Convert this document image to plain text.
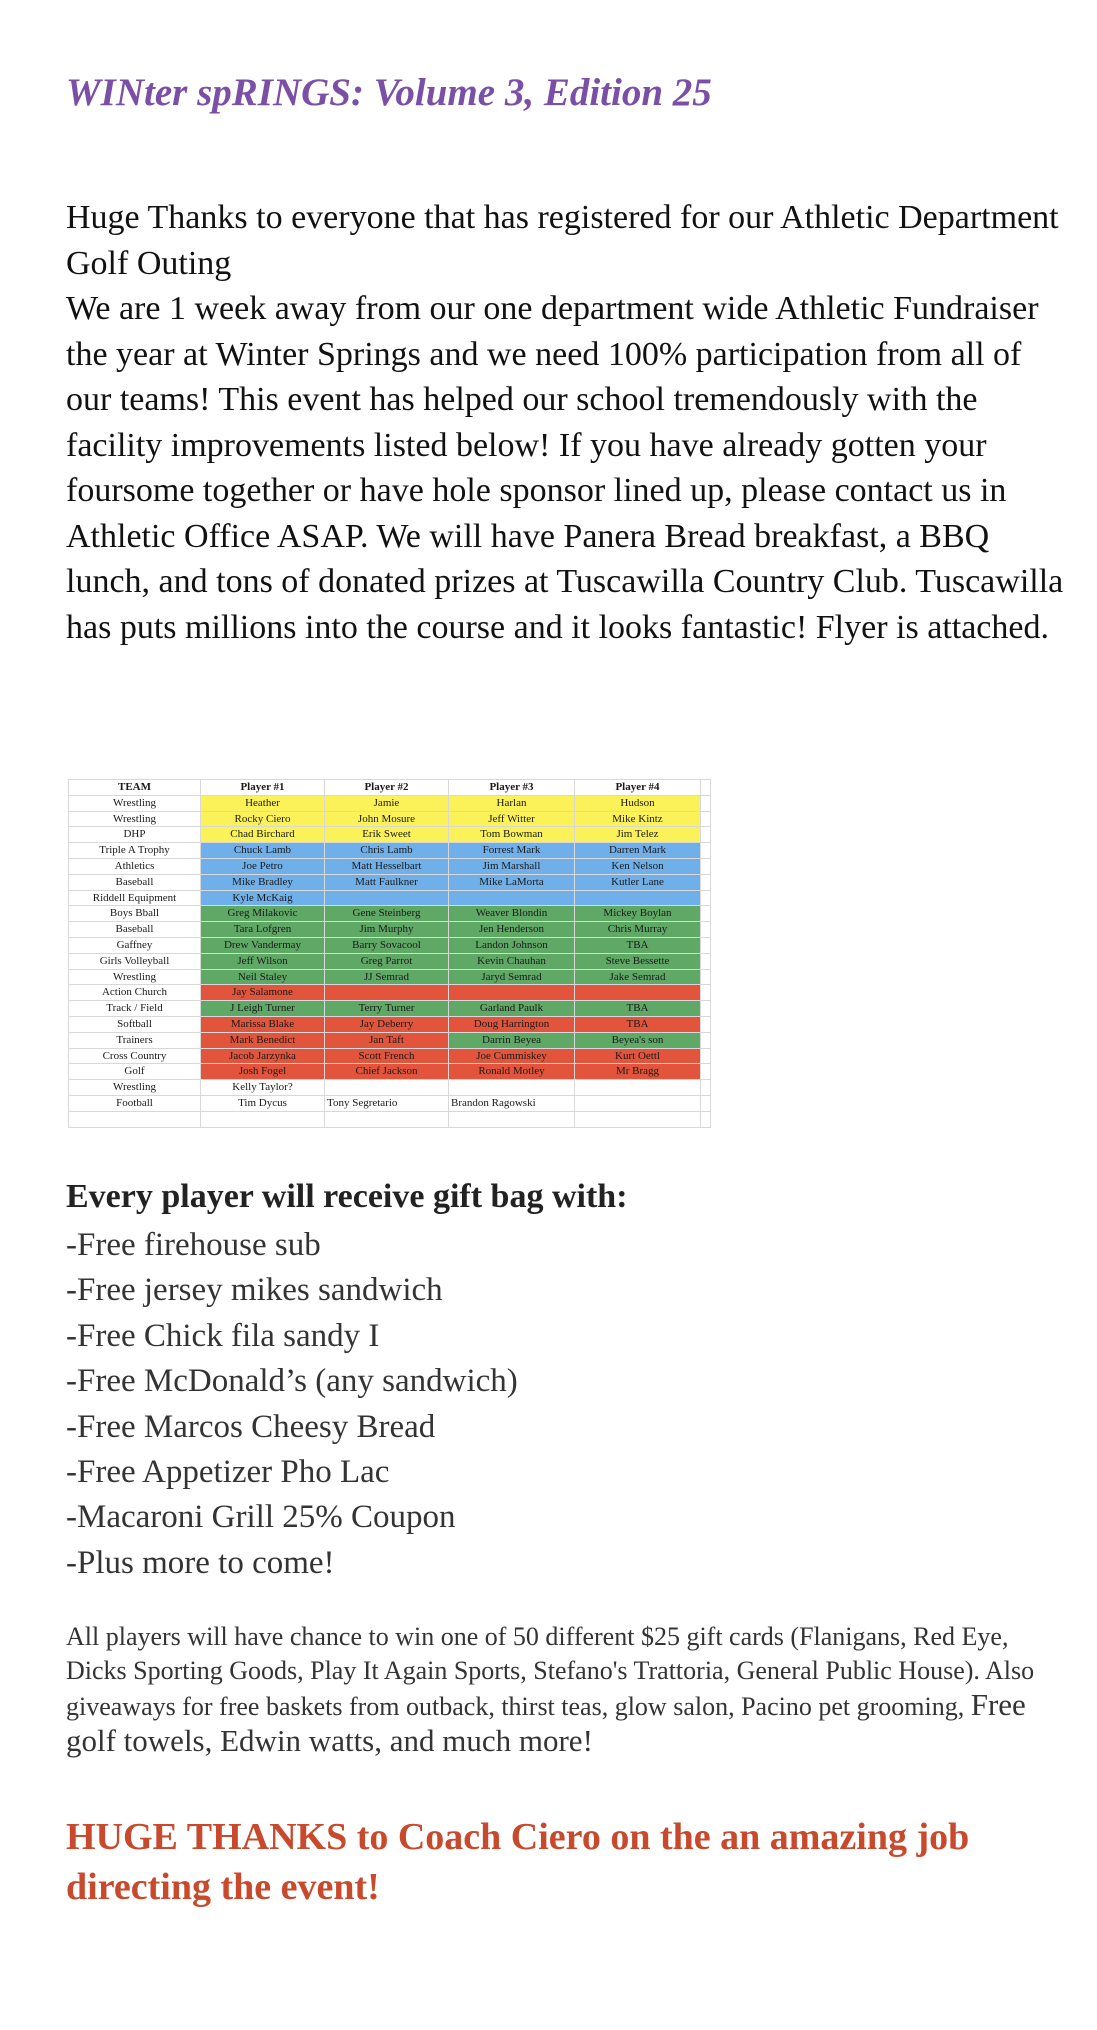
WINter spRINGS: Volume 3, Edition 25

Huge Thanks to everyone that has registered for our Athletic Department Golf Outing

We are 1 week away from our one department wide Athletic Fundraiser the year at Winter Springs and we need 100% participation from all of our teams! This event has helped our school tremendously with the facility improvements listed below! If you have already gotten your foursome together or have hole sponsor lined up, please contact us in Athletic Office ASAP. We will have Panera Bread breakfast, a BBQ lunch, and tons of donated prizes at Tuscawilla Country Club. Tuscawilla has puts millions into the course and it looks fantastic! Flyer is attached.

TEAM	Player #1	Player #2	Player #3	Player #4	
Wrestling	Heather	Jamie	Harlan	Hudson	
Wrestling	Rocky Ciero	John Mosure	Jeff Witter	Mike Kintz	
DHP	Chad Birchard	Erik Sweet	Tom Bowman	Jim Telez	
Triple A Trophy	Chuck Lamb	Chris Lamb	Forrest Mark	Darren Mark	
Athletics	Joe Petro	Matt Hesselbart	Jim Marshall	Ken Nelson	
Baseball	Mike Bradley	Matt Faulkner	Mike LaMorta	Kutler Lane	
Riddell Equipment	Kyle McKaig				
Boys Bball	Greg Milakovic	Gene Steinberg	Weaver Blondin	Mickey Boylan	
Baseball	Tara Lofgren	Jim Murphy	Jen Henderson	Chris Murray	
Gaffney	Drew Vandermay	Barry Sovacool	Landon Johnson	TBA	
Girls Volleyball	Jeff Wilson	Greg Parrot	Kevin Chauhan	Steve Bessette	
Wrestling	Neil Staley	JJ Semrad	Jaryd Semrad	Jake Semrad	
Action Church	Jay Salamone				
Track / Field	J Leigh Turner	Terry Turner	Garland Paulk	TBA	
Softball	Marissa Blake	Jay Deberry	Doug Harrington	TBA	
Trainers	Mark Benedict	Jan Taft	Darrin Beyea	Beyea's son	
Cross Country	Jacob Jarzynka	Scott French	Joe Cummiskey	Kurt Oettl	
Golf	Josh Fogel	Chief Jackson	Ronald Motley	Mr Bragg	
Wrestling	Kelly Taylor?				
Football	Tim Dycus	Tony Segretario	Brandon Ragowski		

Every player will receive gift bag with:
-Free firehouse sub
-Free jersey mikes sandwich
-Free Chick fila sandy I
-Free McDonald’s (any sandwich)
-Free Marcos Cheesy Bread
-Free Appetizer Pho Lac
-Macaroni Grill 25% Coupon
-Plus more to come!

All players will have chance to win one of 50 different $25 gift cards (Flanigans, Red Eye, Dicks Sporting Goods, Play It Again Sports, Stefano's Trattoria, General Public House). Also giveaways for free baskets from outback, thirst teas, glow salon, Pacino pet grooming, Free golf towels, Edwin watts, and much more!

HUGE THANKS to Coach Ciero on the an amazing job directing the event!
